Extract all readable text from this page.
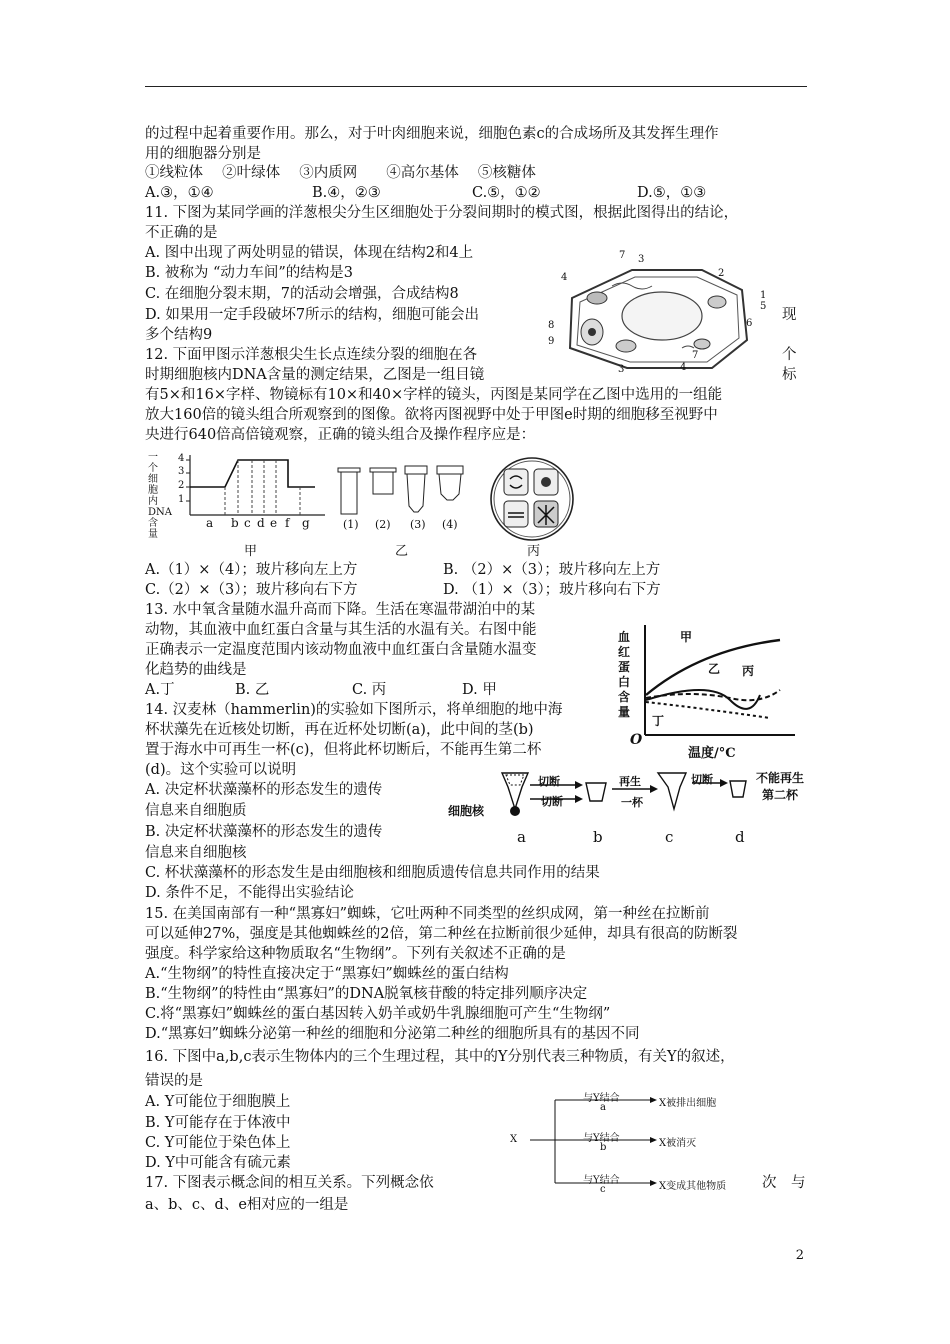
的过程中起着重要作用。那么，对于叶肉细胞来说，细胞色素c的合成场所及其发挥生理作
用的细胞器分别是
①线粒体　 ②叶绿体　 ③内质网　　④高尔基体　 ⑤核糖体
A.③，①④	B.④，②③	C.⑤，①②	D.⑤，①③
11. 下图为某同学画的洋葱根尖分生区细胞处于分裂间期时的模式图，根据此图得出的结论，
不正确的是
A. 图中出现了两处明显的错误，体现在结构2和4上
B. 被称为 “动力车间”的结构是3
C. 在细胞分裂末期，7的活动会增强，合成结构8
D. 如果用一定手段破坏7所示的结构，细胞可能会出	现
多个结构9
12. 下面甲图示洋葱根尖生长点连续分裂的细胞在各	个
时期细胞核内DNA含量的测定结果，乙图是一组目镜	标
有5×和16×字样、物镜标有10×和40×字样的镜头，丙图是某同学在乙图中选用的一组能
放大160倍的镜头组合所观察到的图像。欲将丙图视野中处于甲图e时期的细胞移至视野中
央进行640倍高倍镜观察，正确的镜头组合及操作程序应是：
A.（1）×（4）；玻片移向左上方	B. （2）×（3）；玻片移向左上方
C.（2）×（3）；玻片移向右下方	D. （1）×（3）；玻片移向右下方
13. 水中氧含量随水温升高而下降。生活在寒温带湖泊中的某
动物，其血液中血红蛋白含量与其生活的水温有关。右图中能
正确表示一定温度范围内该动物血液中血红蛋白含量随水温变
化趋势的曲线是
A.丁	B. 乙	C. 丙	D. 甲
14. 汉麦林（hammerlin)的实验如下图所示，将单细胞的地中海
杯状藻先在近核处切断，再在近杯处切断(a)，此中间的茎(b)
置于海水中可再生一杯(c)，但将此杯切断后，不能再生第二杯
(d)。这个实验可以说明
A. 决定杯状藻藻杯的形态发生的遗传
信息来自细胞质
B. 决定杯状藻藻杯的形态发生的遗传
信息来自细胞核
C. 杯状藻藻杯的形态发生是由细胞核和细胞质遗传信息共同作用的结果
D. 条件不足，不能得出实验结论
15. 在美国南部有一种“黑寡妇”蜘蛛，它吐两种不同类型的丝织成网，第一种丝在拉断前
可以延伸27%，强度是其他蜘蛛丝的2倍，第二种丝在拉断前很少延伸，却具有很高的防断裂
强度。科学家给这种物质取名“生物纲”。下列有关叙述不正确的是
A.“生物纲”的特性直接决定于“黑寡妇”蜘蛛丝的蛋白结构
B.“生物纲”的特性由“黑寡妇”的DNA脱氧核苷酸的特定排列顺序决定
C.将“黑寡妇”蜘蛛丝的蛋白基因转入奶羊或奶牛乳腺细胞可产生“生物纲”
D.“黑寡妇”蜘蛛分泌第一种丝的细胞和分泌第二种丝的细胞所具有的基因不同
16. 下图中a,b,c表示生物体内的三个生理过程，其中的Y分别代表三种物质，有关Y的叙述，
错误的是
A. Y可能位于细胞膜上
B. Y可能存在于体液中
C. Y可能位于染色体上
D. Y中可能含有硫元素
17. 下图表示概念间的相互关系。下列概念依	次　与
a、b、c、d、e相对应的一组是
7 3
4	2
1
5
6
8
9
3	4
7
一个细胞内DNA含量
4
3
2
1
a b c d e f g
甲
(1) (2) (3) (4)
乙	丙
血红蛋白含量
甲
乙 丙
丁
O
温度/°C
切断
切断
再生
一杯
切断	不能再生
第二杯
细胞核
a	b	c	d
X
与Y结合
a
与Y结合
b
与Y结合
c
X被排出细胞
X被消灭
X变成其他物质
2
